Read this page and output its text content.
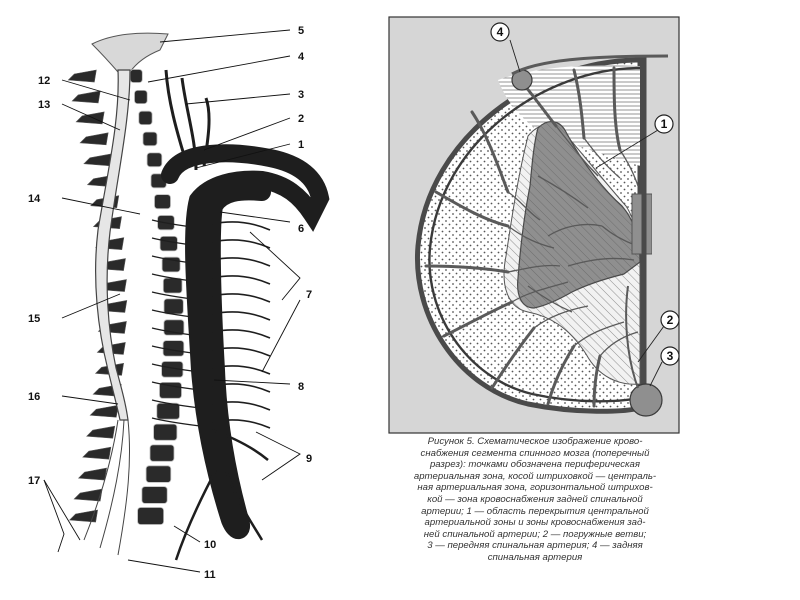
5
4
3
2
1
6
7
8
9
10
11
12
13
14
15
16
17
4
1
2
3
Рисунок 5. Схематическое изображение крово-
снабжения сегмента спинного мозга (поперечный
разрез): точками обозначена периферическая
артериальная зона, косой штриховкой — централь-
ная артериальная зона, горизонтальной штрихов-
кой — зона кровоснабжения задней спинальной
артерии; 1 — область перекрытия центральной
артериальной зоны и зоны кровоснабжения зад-
ней спинальной артерии; 2 — погружные ветви;
3 — передняя спинальная артерия; 4 — задняя
спинальная артерия
